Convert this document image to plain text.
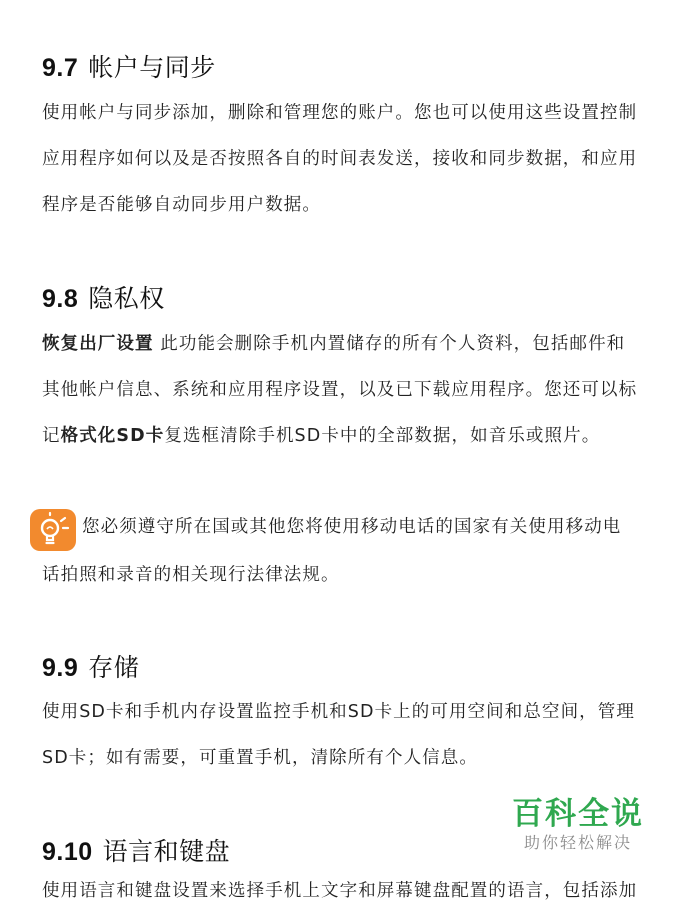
9.7 帐户与同步
使用帐户与同步添加，删除和管理您的账户。您也可以使用这些设置控制
应用程序如何以及是否按照各自的时间表发送，接收和同步数据，和应用
程序是否能够自动同步用户数据。
9.8 隐私权
恢复出厂设置 此功能会删除手机内置储存的所有个人资料，包括邮件和
其他帐户信息、系统和应用程序设置，以及已下载应用程序。您还可以标
记格式化SD卡复选框清除手机SD卡中的全部数据，如音乐或照片。
您必须遵守所在国或其他您将使用移动电话的国家有关使用移动电
话拍照和录音的相关现行法律法规。
9.9 存储
使用SD卡和手机内存设置监控手机和SD卡上的可用空间和总空间，管理
SD卡；如有需要，可重置手机，清除所有个人信息。
9.10 语言和键盘
使用语言和键盘设置来选择手机上文字和屏幕键盘配置的语言，包括添加
百科全说
助你轻松解决
